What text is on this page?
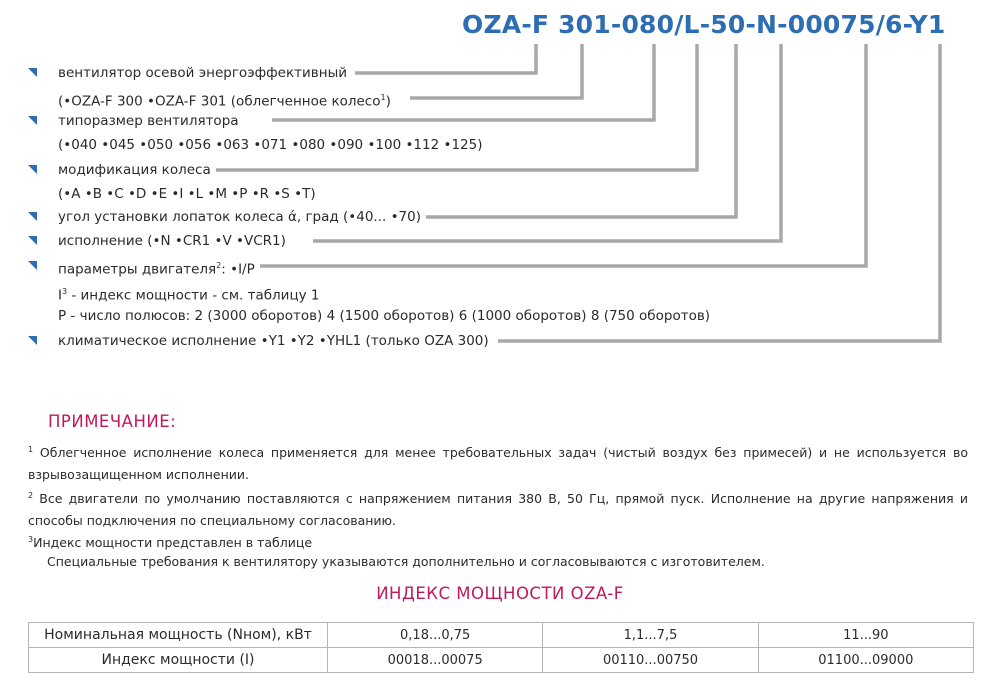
OZA-F 301-080/L-50-N-00075/6-Y1
вентилятор осевой энергоэффективный
(•OZA-F 300 •OZA-F 301 (облегченное колесо$^1$)
типоразмер вентилятора
(•040 •045 •050 •056 •063 •071 •080 •090 •100 •112 •125)
модификация колеса
(•A •B •C •D •E •I •L •M •P •R •S •T)
угол установки лопаток колеса ά, град (•40... •70)
исполнение (•N •CR1 •V •VCR1)
параметры двигателя$^2$: •I/P
$I^3$ - индекс мощности - см. таблицу 1
P - число полюсов: 2 (3000 оборотов) 4 (1500 оборотов) 6 (1000 оборотов) 8 (750 оборотов)
климатическое исполнение •Y1 •Y2 •YHL1 (только OZA 300)
ПРИМЕЧАНИЕ:
$^1$ Облегченное исполнение колеса применяется для менее требовательных задач (чистый воздух без примесей) и не используется во взрывозащищенном исполнении.
$^2$ Все двигатели по умолчанию поставляются с напряжением питания 380 В, 50 Гц, прямой пуск. Исполнение на другие напряжения и способы подключения по специальному согласованию.
$^3$Индекс мощности представлен в таблице
Специальные требования к вентилятору указываются дополнительно и согласовываются с изготовителем.
ИНДЕКС МОЩНОСТИ OZA-F
Номинальная мощность (Nном), кВт	0,18...0,75	1,1...7,5	11...90
Индекс мощности (I)	00018...00075	00110...00750	01100...09000
